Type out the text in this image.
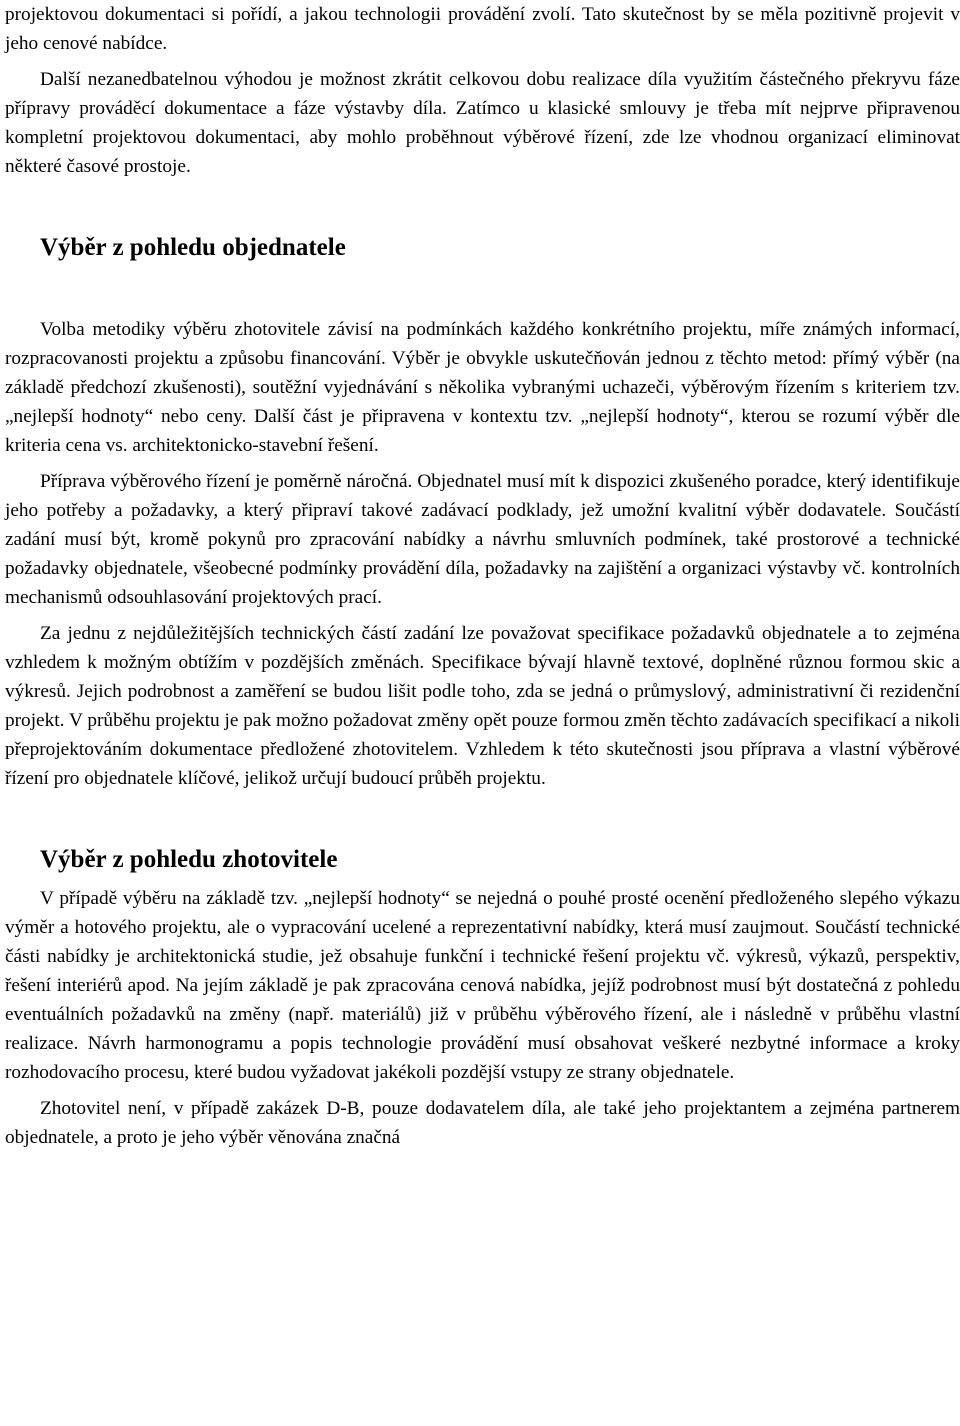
projektovou dokumentaci si pořídí, a jakou technologii provádění zvolí. Tato skutečnost by se měla pozitivně projevit v jeho cenové nabídce.

Další nezanedbatelnou výhodou je možnost zkrátit celkovou dobu realizace díla využitím částečného překryvu fáze přípravy prováděcí dokumentace a fáze výstavby díla. Zatímco u klasické smlouvy je třeba mít nejprve připravenou kompletní projektovou dokumentaci, aby mohlo proběhnout výběrové řízení, zde lze vhodnou organizací eliminovat některé časové prostoje.

Výběr z pohledu objednatele

Volba metodiky výběru zhotovitele závisí na podmínkách každého konkrétního projektu, míře známých informací, rozpracovanosti projektu a způsobu financování. Výběr je obvykle uskutečňován jednou z těchto metod: přímý výběr (na základě předchozí zkušenosti), soutěžní vyjednávání s několika vybranými uchazeči, výběrovým řízením s kriteriem tzv. „nejlepší hodnoty“ nebo ceny. Další část je připravena v kontextu tzv. „nejlepší hodnoty“, kterou se rozumí výběr dle kriteria cena vs. architektonicko-stavební řešení.

Příprava výběrového řízení je poměrně náročná. Objednatel musí mít k dispozici zkušeného poradce, který identifikuje jeho potřeby a požadavky, a který připraví takové zadávací podklady, jež umožní kvalitní výběr dodavatele. Součástí zadání musí být, kromě pokynů pro zpracování nabídky a návrhu smluvních podmínek, také prostorové a technické požadavky objednatele, všeobecné podmínky provádění díla, požadavky na zajištění a organizaci výstavby vč. kontrolních mechanismů odsouhlasování projektových prací.

Za jednu z nejdůležitějších technických částí zadání lze považovat specifikace požadavků objednatele a to zejména vzhledem k možným obtížím v pozdějších změnách. Specifikace bývají hlavně textové, doplněné různou formou skic a výkresů. Jejich podrobnost a zaměření se budou lišit podle toho, zda se jedná o průmyslový, administrativní či rezidenční projekt. V průběhu projektu je pak možno požadovat změny opět pouze formou změn těchto zadávacích specifikací a nikoli přeprojektováním dokumentace předložené zhotovitelem. Vzhledem k této skutečnosti jsou příprava a vlastní výběrové řízení pro objednatele klíčové, jelikož určují budoucí průběh projektu.

Výběr z pohledu zhotovitele

V případě výběru na základě tzv. „nejlepší hodnoty“ se nejedná o pouhé prosté ocenění předloženého slepého výkazu výměr a hotového projektu, ale o vypracování ucelené a reprezentativní nabídky, která musí zaujmout. Součástí technické části nabídky je architektonická studie, jež obsahuje funkční i technické řešení projektu vč. výkresů, výkazů, perspektiv, řešení interiérů apod. Na jejím základě je pak zpracována cenová nabídka, jejíž podrobnost musí být dostatečná z pohledu eventuálních požadavků na změny (např. materiálů) již v průběhu výběrového řízení, ale i následně v průběhu vlastní realizace. Návrh harmonogramu a popis technologie provádění musí obsahovat veškeré nezbytné informace a kroky rozhodovacího procesu, které budou vyžadovat jakékoli pozdější vstupy ze strany objednatele.

Zhotovitel není, v případě zakázek D-B, pouze dodavatelem díla, ale také jeho projektantem a zejména partnerem objednatele, a proto je jeho výběr věnována značná
